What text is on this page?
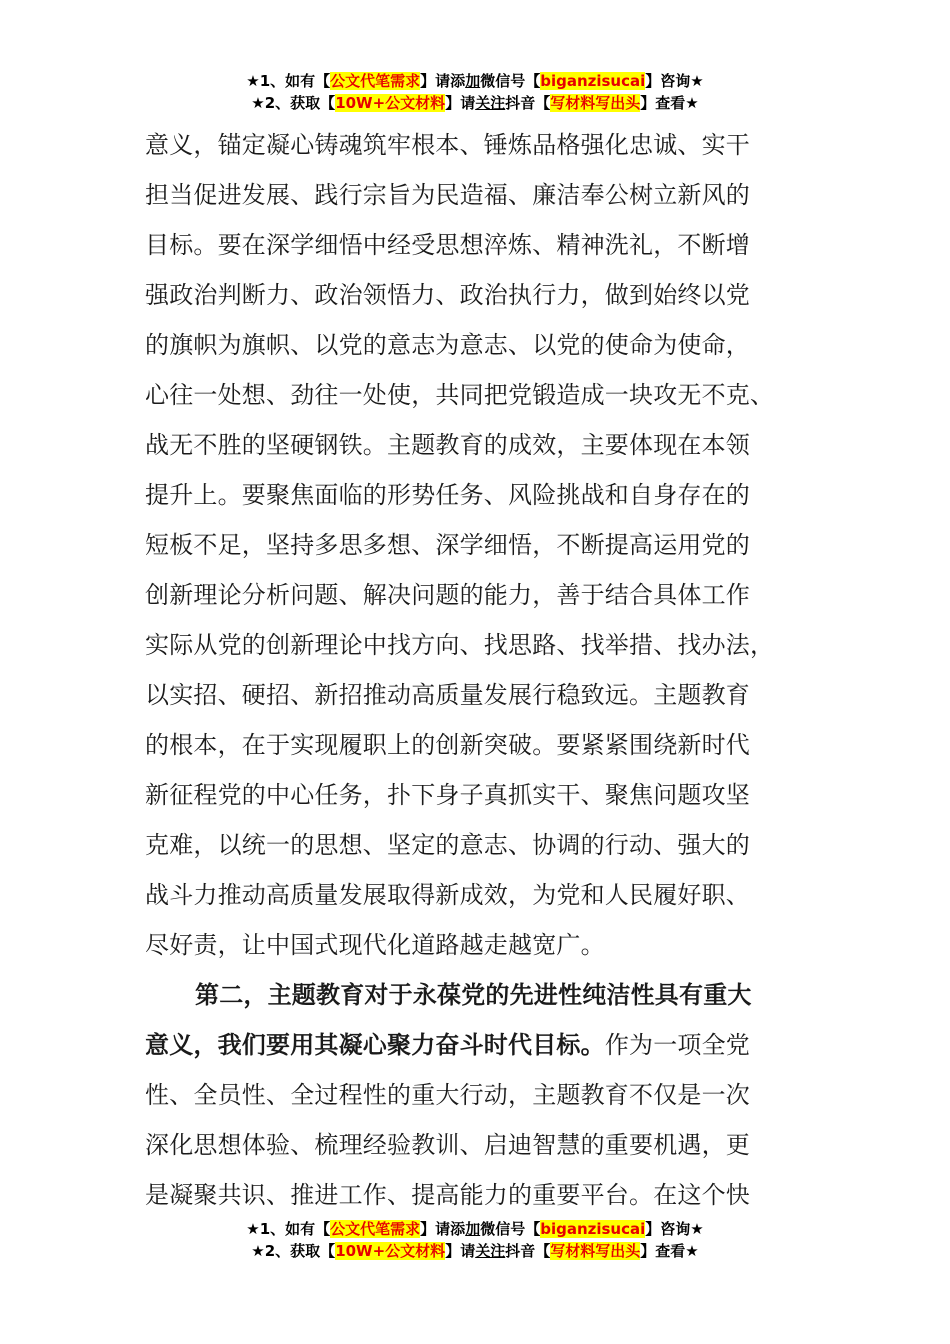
★1、如有【公文代笔需求】请添加微信号【biganzisucai】咨询★
★2、获取【10W+公文材料】请关注抖音【写材料写出头】查看★
意义，锚定凝心铸魂筑牢根本、锤炼品格强化忠诚、实干
担当促进发展、践行宗旨为民造福、廉洁奉公树立新风的
目标。要在深学细悟中经受思想淬炼、精神洗礼，不断增
强政治判断力、政治领悟力、政治执行力，做到始终以党
的旗帜为旗帜、以党的意志为意志、以党的使命为使命，
心往一处想、劲往一处使，共同把党锻造成一块攻无不克、
战无不胜的坚硬钢铁。主题教育的成效，主要体现在本领
提升上。要聚焦面临的形势任务、风险挑战和自身存在的
短板不足，坚持多思多想、深学细悟，不断提高运用党的
创新理论分析问题、解决问题的能力，善于结合具体工作
实际从党的创新理论中找方向、找思路、找举措、找办法，
以实招、硬招、新招推动高质量发展行稳致远。主题教育
的根本，在于实现履职上的创新突破。要紧紧围绕新时代
新征程党的中心任务，扑下身子真抓实干、聚焦问题攻坚
克难，以统一的思想、坚定的意志、协调的行动、强大的
战斗力推动高质量发展取得新成效，为党和人民履好职、
尽好责，让中国式现代化道路越走越宽广。
第二，主题教育对于永葆党的先进性纯洁性具有重大
意义，我们要用其凝心聚力奋斗时代目标。作为一项全党
性、全员性、全过程性的重大行动，主题教育不仅是一次
深化思想体验、梳理经验教训、启迪智慧的重要机遇，更
是凝聚共识、推进工作、提高能力的重要平台。在这个快
★1、如有【公文代笔需求】请添加微信号【biganzisucai】咨询★
★2、获取【10W+公文材料】请关注抖音【写材料写出头】查看★
